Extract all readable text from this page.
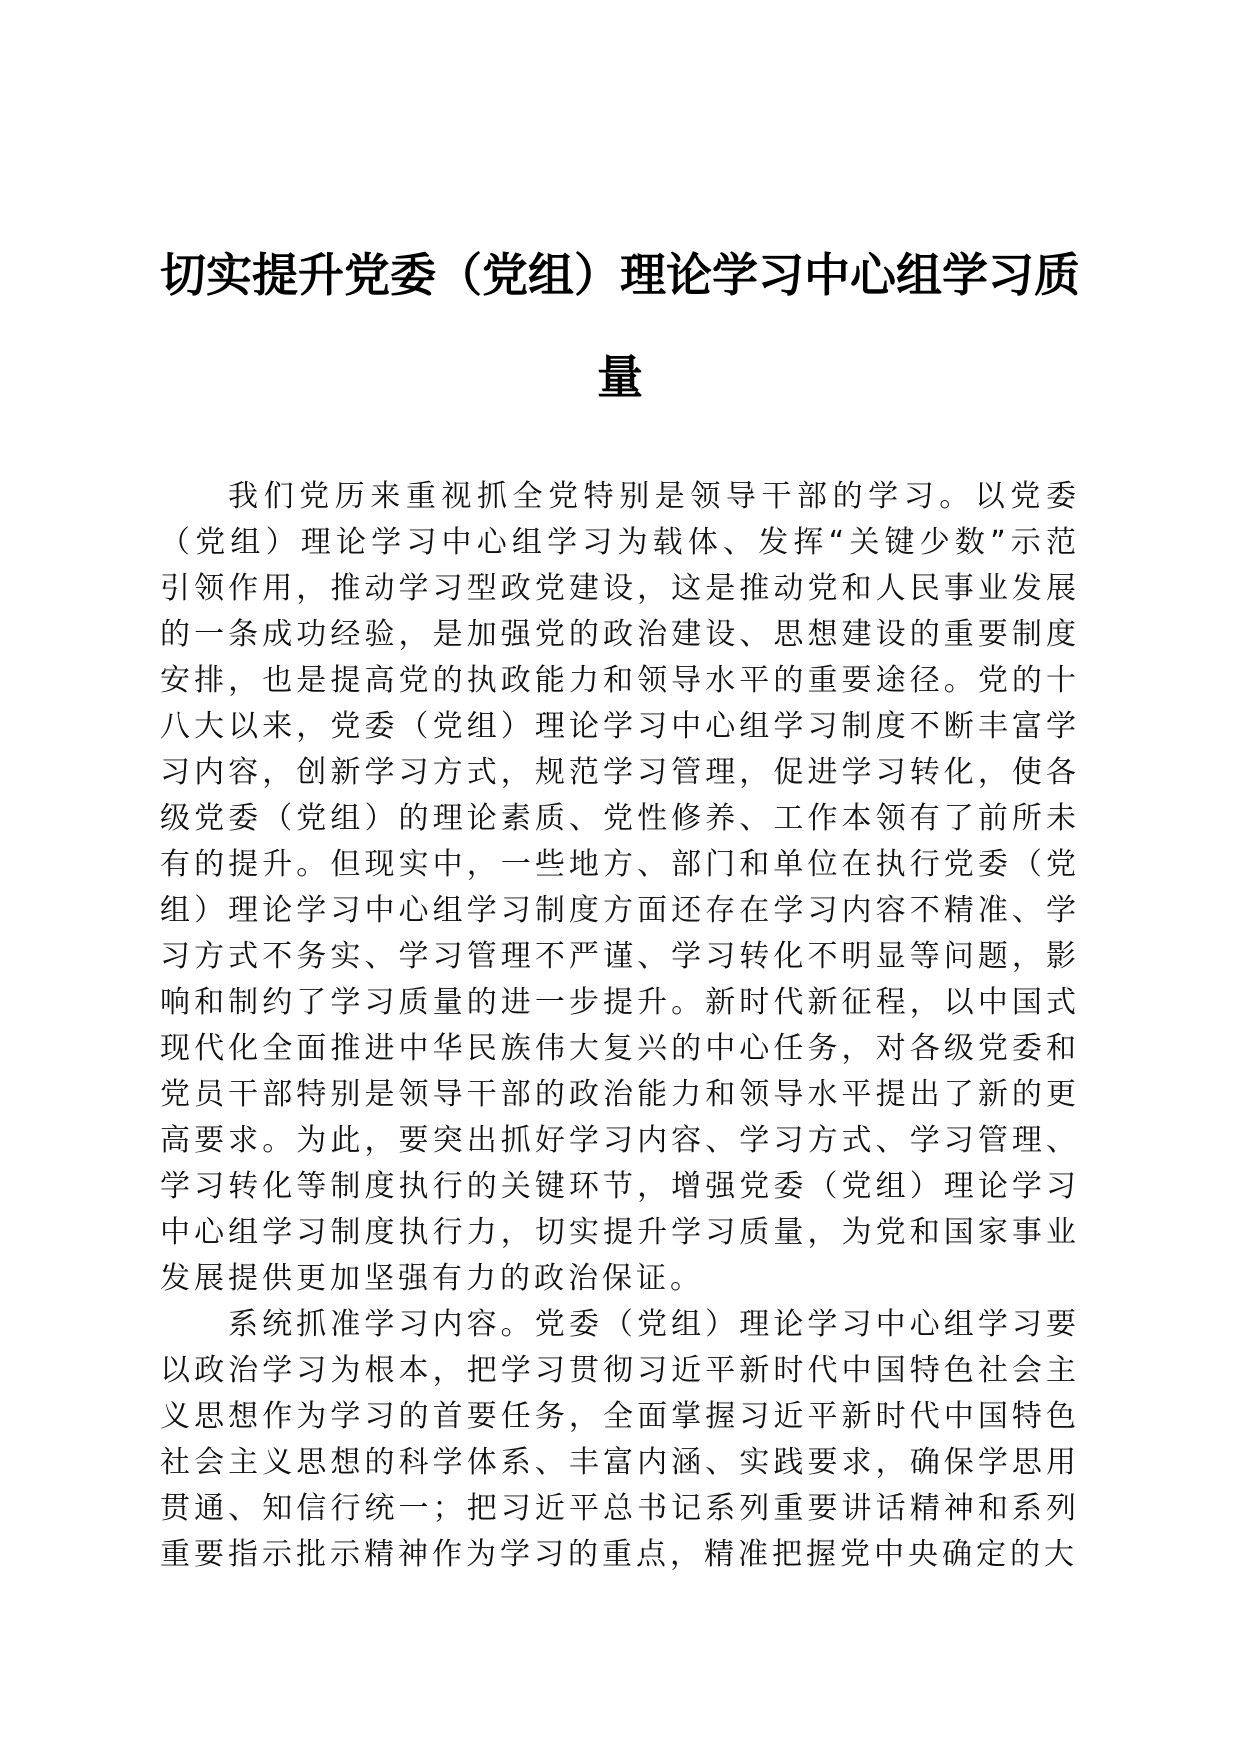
切实提升党委（党组）理论学习中心组学习质量

我们党历来重视抓全党特别是领导干部的学习。以党委（党组）理论学习中心组学习为载体、发挥“关键少数”示范引领作用，推动学习型政党建设，这是推动党和人民事业发展的一条成功经验，是加强党的政治建设、思想建设的重要制度安排，也是提高党的执政能力和领导水平的重要途径。党的十八大以来，党委（党组）理论学习中心组学习制度不断丰富学习内容，创新学习方式，规范学习管理，促进学习转化，使各级党委（党组）的理论素质、党性修养、工作本领有了前所未有的提升。但现实中，一些地方、部门和单位在执行党委（党组）理论学习中心组学习制度方面还存在学习内容不精准、学习方式不务实、学习管理不严谨、学习转化不明显等问题，影响和制约了学习质量的进一步提升。新时代新征程，以中国式现代化全面推进中华民族伟大复兴的中心任务，对各级党委和党员干部特别是领导干部的政治能力和领导水平提出了新的更高要求。为此，要突出抓好学习内容、学习方式、学习管理、学习转化等制度执行的关键环节，增强党委（党组）理论学习中心组学习制度执行力，切实提升学习质量，为党和国家事业发展提供更加坚强有力的政治保证。

系统抓准学习内容。党委（党组）理论学习中心组学习要以政治学习为根本，把学习贯彻习近平新时代中国特色社会主义思想作为学习的首要任务，全面掌握习近平新时代中国特色社会主义思想的科学体系、丰富内涵、实践要求，确保学思用贯通、知信行统一；把习近平总书记系列重要讲话精神和系列重要指示批示精神作为学习的重点，精准把握党中央确定的大
